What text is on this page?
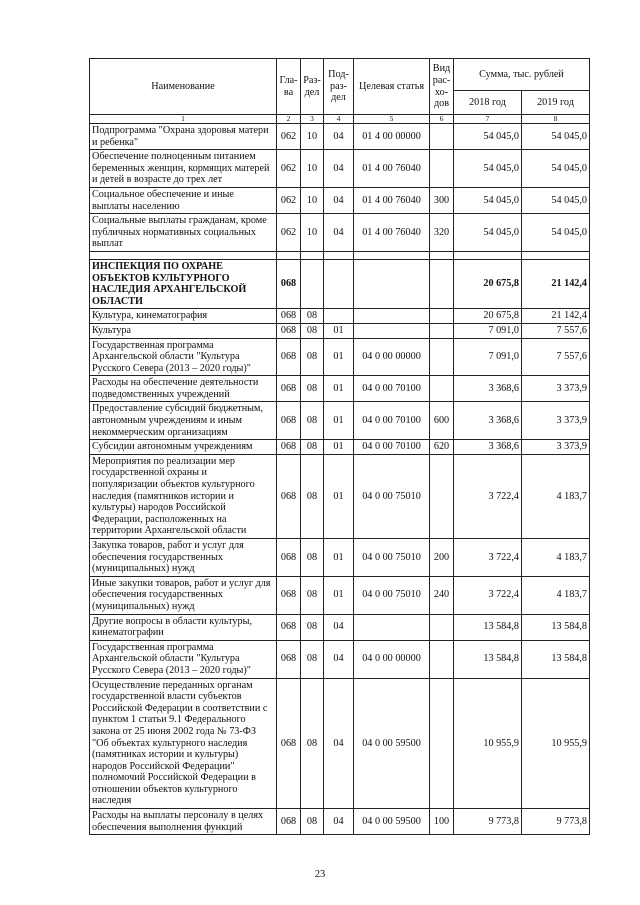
Наименование	Гла-ва	Раз-дел	Под-раз-дел	Целевая статья	Вид рас-хо-дов	Сумма, тыс. рублей	
						2018 год	2019 год
1	2	3	4	5	6	7	8
Подпрограмма "Охрана здоровья матери и ребенка"	062	10	04	01 4 00 00000		54 045,0	54 045,0
Обеспечение полноценным питанием беременных женщин, кормящих матерей и детей в возрасте до трех лет	062	10	04	01 4 00 76040		54 045,0	54 045,0
Социальное обеспечение и иные выплаты населению	062	10	04	01 4 00 76040	300	54 045,0	54 045,0
Социальные выплаты гражданам, кроме публичных нормативных социальных выплат	062	10	04	01 4 00 76040	320	54 045,0	54 045,0

ИНСПЕКЦИЯ ПО ОХРАНЕ ОБЪЕКТОВ КУЛЬТУРНОГО НАСЛЕДИЯ АРХАНГЕЛЬСКОЙ ОБЛАСТИ	068					20 675,8	21 142,4
Культура, кинематография	068	08				20 675,8	21 142,4
Культура	068	08	01			7 091,0	7 557,6
Государственная программа Архангельской области "Культура Русского Севера (2013 – 2020 годы)"	068	08	01	04 0 00 00000		7 091,0	7 557,6
Расходы на обеспечение деятельности подведомственных учреждений	068	08	01	04 0 00 70100		3 368,6	3 373,9
Предоставление субсидий бюджетным, автономным учреждениям и иным некоммерческим организациям	068	08	01	04 0 00 70100	600	3 368,6	3 373,9
Субсидии автономным учреждениям	068	08	01	04 0 00 70100	620	3 368,6	3 373,9
Мероприятия по реализации мер государственной охраны и популяризации объектов культурного наследия (памятников истории и культуры) народов Российской Федерации, расположенных на территории Архангельской области	068	08	01	04 0 00 75010		3 722,4	4 183,7
Закупка товаров, работ и услуг для обеспечения государственных (муниципальных) нужд	068	08	01	04 0 00 75010	200	3 722,4	4 183,7
Иные закупки товаров, работ и услуг для обеспечения государственных (муниципальных) нужд	068	08	01	04 0 00 75010	240	3 722,4	4 183,7
Другие вопросы в области культуры, кинематографии	068	08	04			13 584,8	13 584,8
Государственная программа Архангельской области "Культура Русского Севера (2013 – 2020 годы)"	068	08	04	04 0 00 00000		13 584,8	13 584,8
Осуществление переданных органам государственной власти субъектов Российской Федерации в соответствии с пунктом 1 статьи 9.1 Федерального закона от 25 июня 2002 года № 73-ФЗ "Об объектах культурного наследия (памятниках истории и культуры) народов Российской Федерации" полномочий Российской Федерации в отношении объектов культурного наследия	068	08	04	04 0 00 59500		10 955,9	10 955,9
Расходы на выплаты персоналу в целях обеспечения выполнения функций	068	08	04	04 0 00 59500	100	9 773,8	9 773,8
23
